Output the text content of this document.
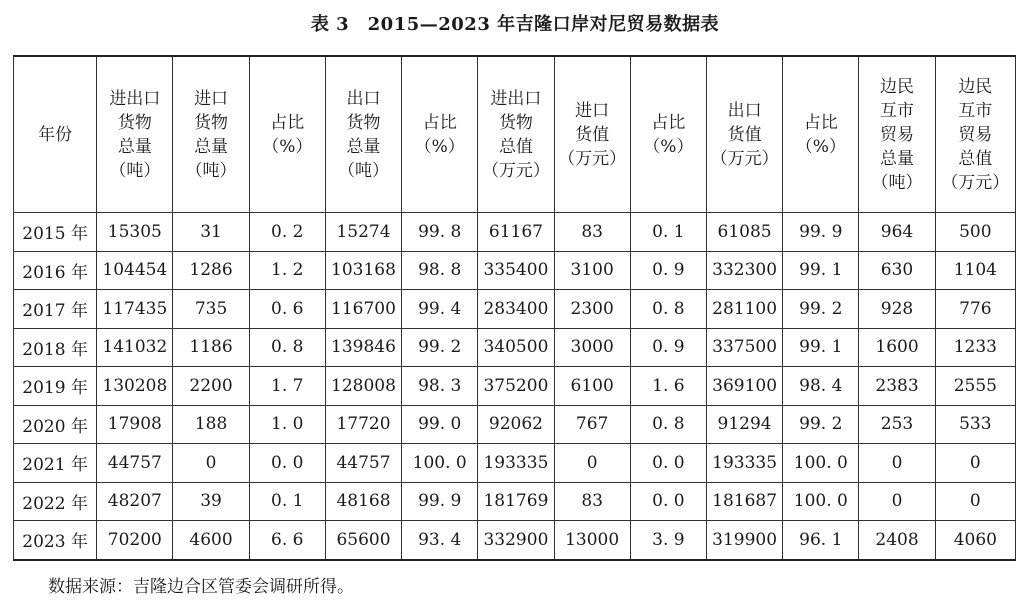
表 3　2015—2023 年吉隆口岸对尼贸易数据表
年份	进出口
货物
总量
（吨）	进口
货物
总量
（吨）	占比
（%）	出口
货物
总量
（吨）	占比
（%）	进出口
货物
总值
（万元）	进口
货值
（万元）	占比
（%）	出口
货值
（万元）	占比
（%）	边民
互市
贸易
总量
（吨）	边民
互市
贸易
总值
（万元）
2015 年	15305	31	0. 2	15274	99. 8	61167	83	0. 1	61085	99. 9	964	500
2016 年	104454	1286	1. 2	103168	98. 8	335400	3100	0. 9	332300	99. 1	630	1104
2017 年	117435	735	0. 6	116700	99. 4	283400	2300	0. 8	281100	99. 2	928	776
2018 年	141032	1186	0. 8	139846	99. 2	340500	3000	0. 9	337500	99. 1	1600	1233
2019 年	130208	2200	1. 7	128008	98. 3	375200	6100	1. 6	369100	98. 4	2383	2555
2020 年	17908	188	1. 0	17720	99. 0	92062	767	0. 8	91294	99. 2	253	533
2021 年	44757	0	0. 0	44757	100. 0	193335	0	0. 0	193335	100. 0	0	0
2022 年	48207	39	0. 1	48168	99. 9	181769	83	0. 0	181687	100. 0	0	0
2023 年	70200	4600	6. 6	65600	93. 4	332900	13000	3. 9	319900	96. 1	2408	4060
数据来源：吉隆边合区管委会调研所得。
